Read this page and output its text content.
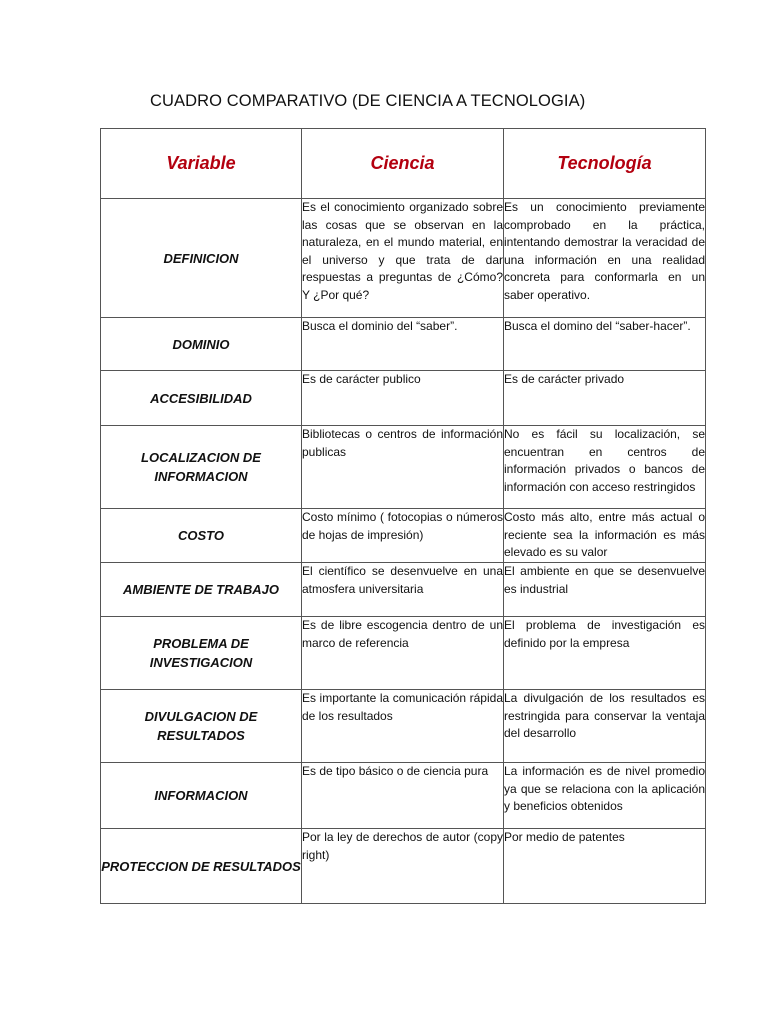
CUADRO COMPARATIVO (DE CIENCIA A TECNOLOGIA)
Variable	Ciencia	Tecnología
DEFINICION	Es el conocimiento organizado sobre las cosas que se observan en la naturaleza, en el mundo material, en el universo y que trata de dar respuestas a preguntas de ¿Cómo? Y ¿Por qué?	Es un conocimiento previamente comprobado en la práctica, intentando demostrar la veracidad de una información en una realidad concreta para conformarla en un saber operativo.
DOMINIO	Busca el dominio del “saber”.	Busca el domino del “saber-hacer”.
ACCESIBILIDAD	Es de carácter publico	Es de carácter privado
LOCALIZACION DE INFORMACION	Bibliotecas o centros de información publicas	No es fácil su localización, se encuentran en centros de información privados o bancos de información con acceso restringidos
COSTO	Costo mínimo ( fotocopias o números de hojas de impresión)	Costo más alto, entre más actual o reciente sea la información es más elevado es su valor
AMBIENTE DE TRABAJO	El científico se desenvuelve en una atmosfera universitaria	El ambiente en que se desenvuelve es industrial
PROBLEMA DE INVESTIGACION	Es de libre escogencia dentro de un marco de referencia	El problema de investigación es definido por la empresa
DIVULGACION DE RESULTADOS	Es importante la comunicación rápida de los resultados	La divulgación de los resultados es restringida para conservar la ventaja del desarrollo
INFORMACION	Es de tipo básico o de ciencia pura	La información es de nivel promedio ya que se relaciona con la aplicación y beneficios obtenidos
PROTECCION DE RESULTADOS	Por la ley de derechos de autor (copy right)	Por medio de patentes
